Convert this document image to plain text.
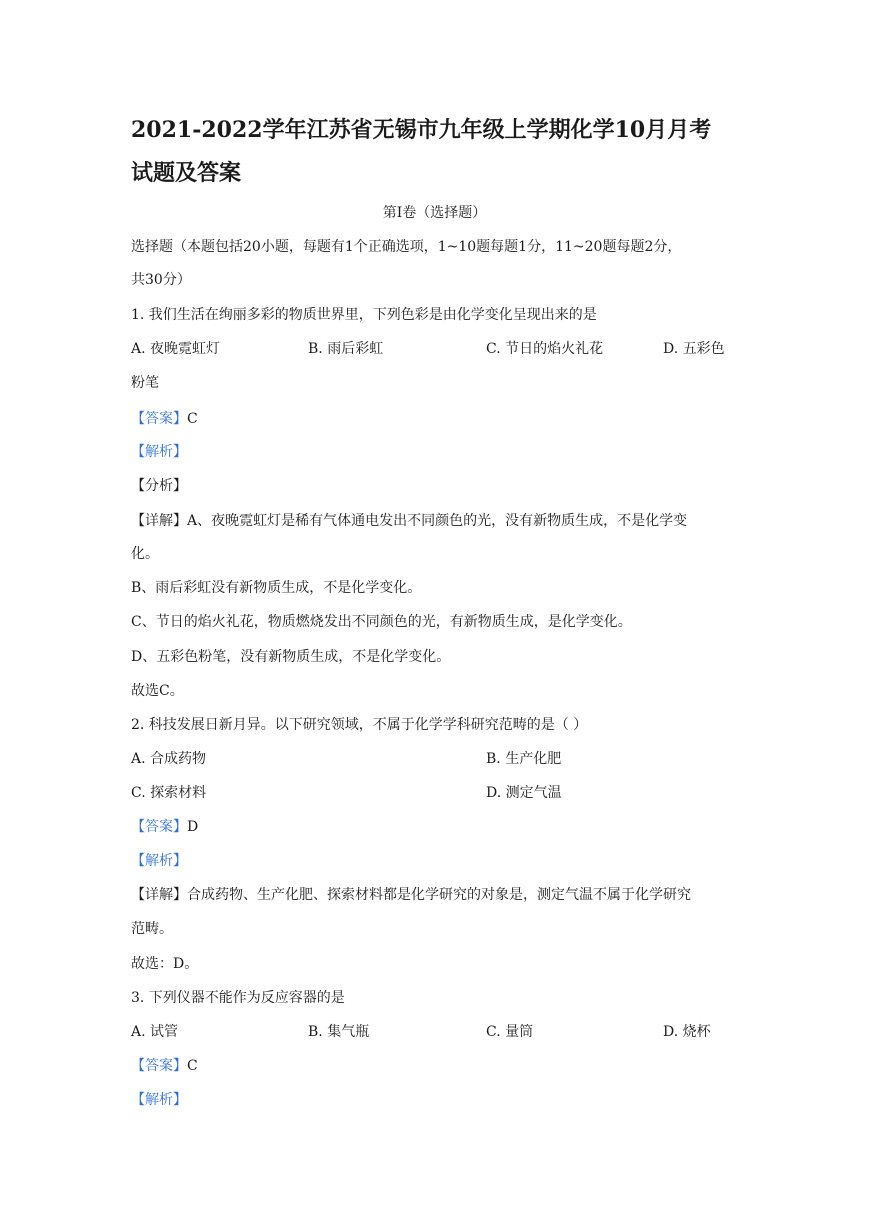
2021-2022学年江苏省无锡市九年级上学期化学10月月考
试题及答案
第Ⅰ卷（选择题）
选择题（本题包括20小题，每题有1个正确选项，1~10题每题1分，11~20题每题2分，
共30分）
1. 我们生活在绚丽多彩的物质世界里，下列色彩是由化学变化呈现出来的是
A. 夜晚霓虹灯	B. 雨后彩虹	C. 节日的焰火礼花	D. 五彩色
粉笔
【答案】C
【解析】
【分析】
【详解】A、夜晚霓虹灯是稀有气体通电发出不同颜色的光，没有新物质生成，不是化学变
化。
B、雨后彩虹没有新物质生成，不是化学变化。
C、节日的焰火礼花，物质燃烧发出不同颜色的光，有新物质生成，是化学变化。
D、五彩色粉笔，没有新物质生成，不是化学变化。
故选C。
2. 科技发展日新月异。以下研究领域，不属于化学学科研究范畴的是（ ）
A. 合成药物	B. 生产化肥
C. 探索材料	D. 测定气温
【答案】D
【解析】
【详解】合成药物、生产化肥、探索材料都是化学研究的对象是，测定气温不属于化学研究
范畴。
故选：D。
3. 下列仪器不能作为反应容器的是
A. 试管	B. 集气瓶	C. 量筒	D. 烧杯
【答案】C
【解析】
